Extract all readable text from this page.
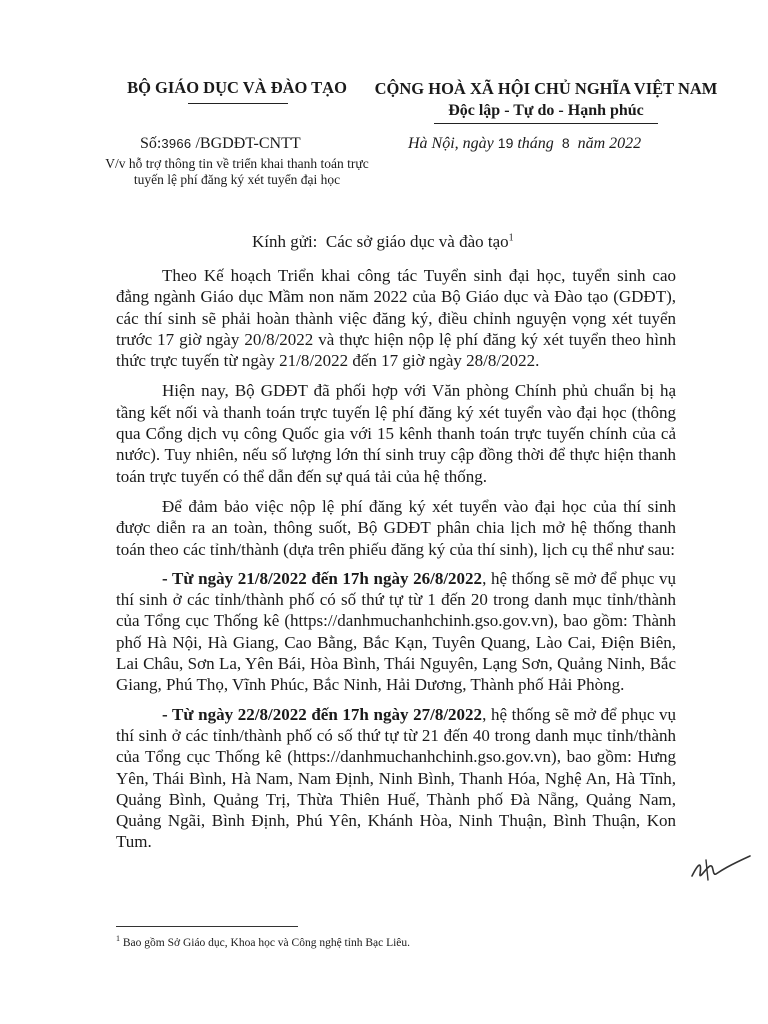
BỘ GIÁO DỤC VÀ ĐÀO TẠO	CỘNG HOÀ XÃ HỘI CHỦ NGHĨA VIỆT NAM
Độc lập - Tự do - Hạnh phúc
Số:3966 /BGDĐT-CNTT
V/v hỗ trợ thông tin về triển khai thanh toán trực tuyến lệ phí đăng ký xét tuyển đại học
Hà Nội, ngày 19 tháng 8 năm 2022
Kính gửi: Các sở giáo dục và đào tạo$^1$

Theo Kế hoạch Triển khai công tác Tuyển sinh đại học, tuyển sinh cao đẳng ngành Giáo dục Mầm non năm 2022 của Bộ Giáo dục và Đào tạo (GDĐT), các thí sinh sẽ phải hoàn thành việc đăng ký, điều chỉnh nguyện vọng xét tuyển trước 17 giờ ngày 20/8/2022 và thực hiện nộp lệ phí đăng ký xét tuyển theo hình thức trực tuyến từ ngày 21/8/2022 đến 17 giờ ngày 28/8/2022.

Hiện nay, Bộ GDĐT đã phối hợp với Văn phòng Chính phủ chuẩn bị hạ tầng kết nối và thanh toán trực tuyến lệ phí đăng ký xét tuyển vào đại học (thông qua Cổng dịch vụ công Quốc gia với 15 kênh thanh toán trực tuyến chính của cả nước). Tuy nhiên, nếu số lượng lớn thí sinh truy cập đồng thời để thực hiện thanh toán trực tuyến có thể dẫn đến sự quá tải của hệ thống.

Để đảm bảo việc nộp lệ phí đăng ký xét tuyển vào đại học của thí sinh được diễn ra an toàn, thông suốt, Bộ GDĐT phân chia lịch mở hệ thống thanh toán theo các tỉnh/thành (dựa trên phiếu đăng ký của thí sinh), lịch cụ thể như sau:

- Từ ngày 21/8/2022 đến 17h ngày 26/8/2022, hệ thống sẽ mở để phục vụ thí sinh ở các tỉnh/thành phố có số thứ tự từ 1 đến 20 trong danh mục tỉnh/thành của Tổng cục Thống kê (https://danhmuchanhchinh.gso.gov.vn), bao gồm: Thành phố Hà Nội, Hà Giang, Cao Bằng, Bắc Kạn, Tuyên Quang, Lào Cai, Điện Biên, Lai Châu, Sơn La, Yên Bái, Hòa Bình, Thái Nguyên, Lạng Sơn, Quảng Ninh, Bắc Giang, Phú Thọ, Vĩnh Phúc, Bắc Ninh, Hải Dương, Thành phố Hải Phòng.

- Từ ngày 22/8/2022 đến 17h ngày 27/8/2022, hệ thống sẽ mở để phục vụ thí sinh ở các tỉnh/thành phố có số thứ tự từ 21 đến 40 trong danh mục tỉnh/thành của Tổng cục Thống kê (https://danhmuchanhchinh.gso.gov.vn), bao gồm: Hưng Yên, Thái Bình, Hà Nam, Nam Định, Ninh Bình, Thanh Hóa, Nghệ An, Hà Tĩnh, Quảng Bình, Quảng Trị, Thừa Thiên Huế, Thành phố Đà Nẵng, Quảng Nam, Quảng Ngãi, Bình Định, Phú Yên, Khánh Hòa, Ninh Thuận, Bình Thuận, Kon Tum.

$^1$ Bao gồm Sở Giáo dục, Khoa học và Công nghệ tỉnh Bạc Liêu.
